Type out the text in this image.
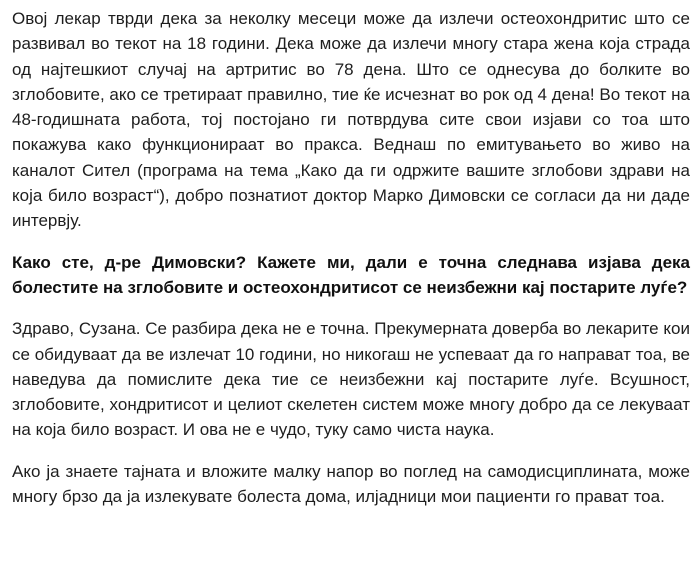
Овој лекар тврди дека за неколку месеци може да излечи остеохондритис што се развивал во текот на 18 години. Дека може да излечи многу стара жена која страда од најтешкиот случај на артритис во 78 дена. Што се однесува до болките во зглобовите, ако се третираат правилно, тие ќе исчезнат во рок од 4 дена! Во текот на 48-годишната работа, тој постојано ги потврдува сите свои изјави со тоа што покажува како функционираат во пракса. Веднаш по емитувањето во живо на каналот Сител (програма на тема „Како да ги одржите вашите зглобови здрави на која било возраст“), добро познатиот доктор Марко Димовски се согласи да ни даде интервју.

Како сте, д-ре Димовски? Кажете ми, дали е точна следнава изјава дека болестите на зглобовите и остеохондритисот се неизбежни кај постарите луѓе?

Здраво, Сузана. Се разбира дека не е точна. Прекумерната доверба во лекарите кои се обидуваат да ве излечат 10 години, но никогаш не успеваат да го направат тоа, ве наведува да помислите дека тие се неизбежни кај постарите луѓе. Всушност, зглобовите, хондритисот и целиот скелетен систем може многу добро да се лекуваат на која било возраст. И ова не е чудо, туку само чиста наука.

Ако ја знаете тајната и вложите малку напор во поглед на самодисциплината, може многу брзо да ја излекувате болеста дома, илјадници мои пациенти го прават тоа.
